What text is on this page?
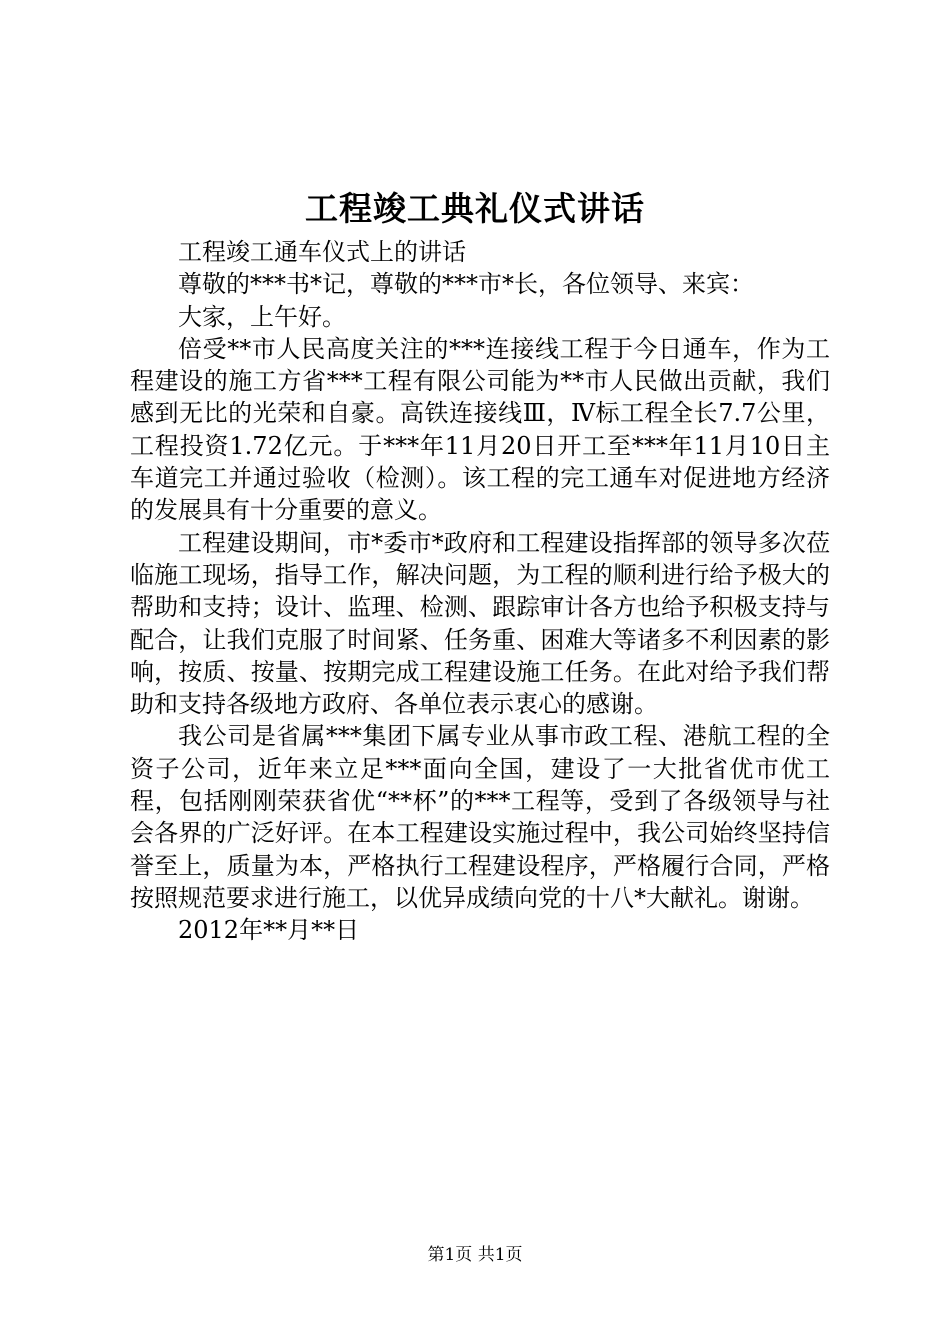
工程竣工典礼仪式讲话

工程竣工通车仪式上的讲话

尊敬的***书*记，尊敬的***市*长，各位领导、来宾：

大家，上午好。

倍受**市人民高度关注的***连接线工程于今日通车，作为工程建设的施工方省***工程有限公司能为**市人民做出贡献，我们感到无比的光荣和自豪。高铁连接线Ⅲ，Ⅳ标工程全长7.7公里，工程投资1.72亿元。于***年11月20日开工至***年11月10日主车道完工并通过验收（检测）。该工程的完工通车对促进地方经济的发展具有十分重要的意义。

工程建设期间，市*委市*政府和工程建设指挥部的领导多次莅临施工现场，指导工作，解决问题，为工程的顺利进行给予极大的帮助和支持；设计、监理、检测、跟踪审计各方也给予积极支持与配合，让我们克服了时间紧、任务重、困难大等诸多不利因素的影响，按质、按量、按期完成工程建设施工任务。在此对给予我们帮助和支持各级地方政府、各单位表示衷心的感谢。

我公司是省属***集团下属专业从事市政工程、港航工程的全资子公司，近年来立足***面向全国，建设了一大批省优市优工程，包括刚刚荣获省优“**杯”的***工程等，受到了各级领导与社会各界的广泛好评。在本工程建设实施过程中，我公司始终坚持信誉至上，质量为本，严格执行工程建设程序，严格履行合同，严格按照规范要求进行施工，以优异成绩向党的十八*大献礼。谢谢。

2012年**月**日

第1页 共1页
